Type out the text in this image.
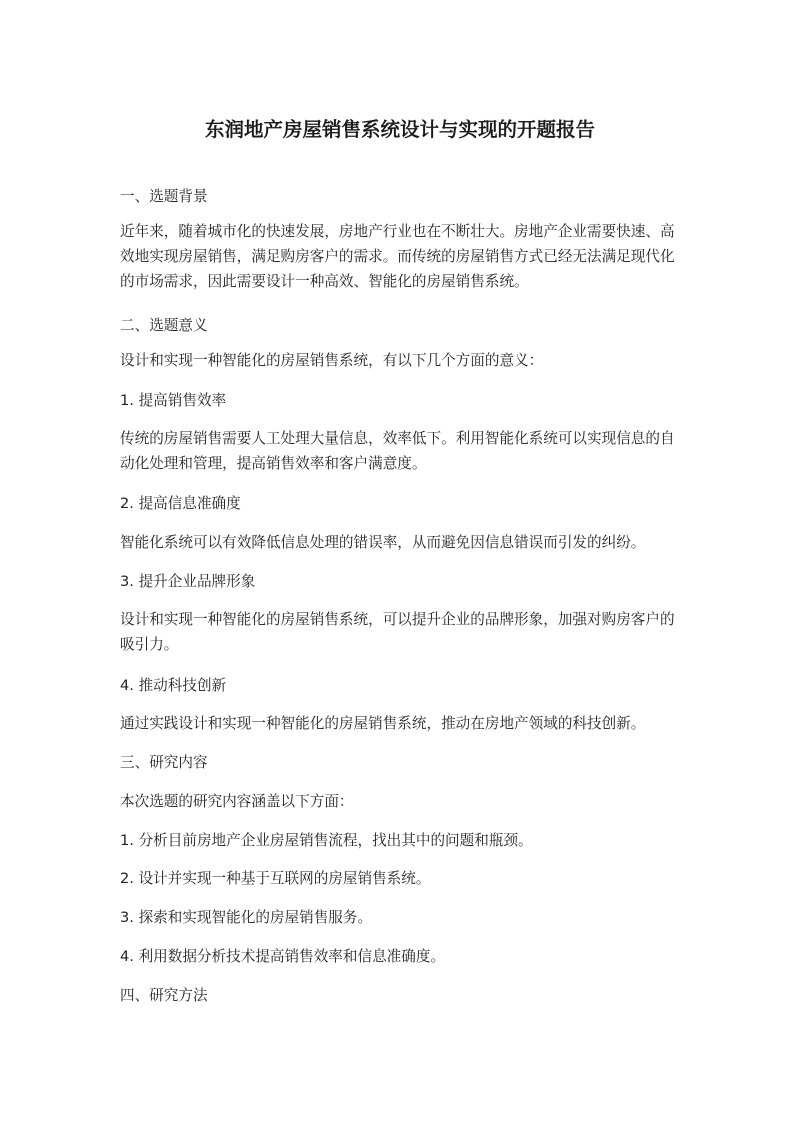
东润地产房屋销售系统设计与实现的开题报告

一、选题背景

近年来，随着城市化的快速发展，房地产行业也在不断壮大。房地产企业需要快速、高效地实现房屋销售，满足购房客户的需求。而传统的房屋销售方式已经无法满足现代化的市场需求，因此需要设计一种高效、智能化的房屋销售系统。

二、选题意义

设计和实现一种智能化的房屋销售系统，有以下几个方面的意义：

1. 提高销售效率

传统的房屋销售需要人工处理大量信息，效率低下。利用智能化系统可以实现信息的自动化处理和管理，提高销售效率和客户满意度。

2. 提高信息准确度

智能化系统可以有效降低信息处理的错误率，从而避免因信息错误而引发的纠纷。

3. 提升企业品牌形象

设计和实现一种智能化的房屋销售系统，可以提升企业的品牌形象，加强对购房客户的吸引力。

4. 推动科技创新

通过实践设计和实现一种智能化的房屋销售系统，推动在房地产领域的科技创新。

三、研究内容

本次选题的研究内容涵盖以下方面：

1. 分析目前房地产企业房屋销售流程，找出其中的问题和瓶颈。

2. 设计并实现一种基于互联网的房屋销售系统。

3. 探索和实现智能化的房屋销售服务。

4. 利用数据分析技术提高销售效率和信息准确度。

四、研究方法
